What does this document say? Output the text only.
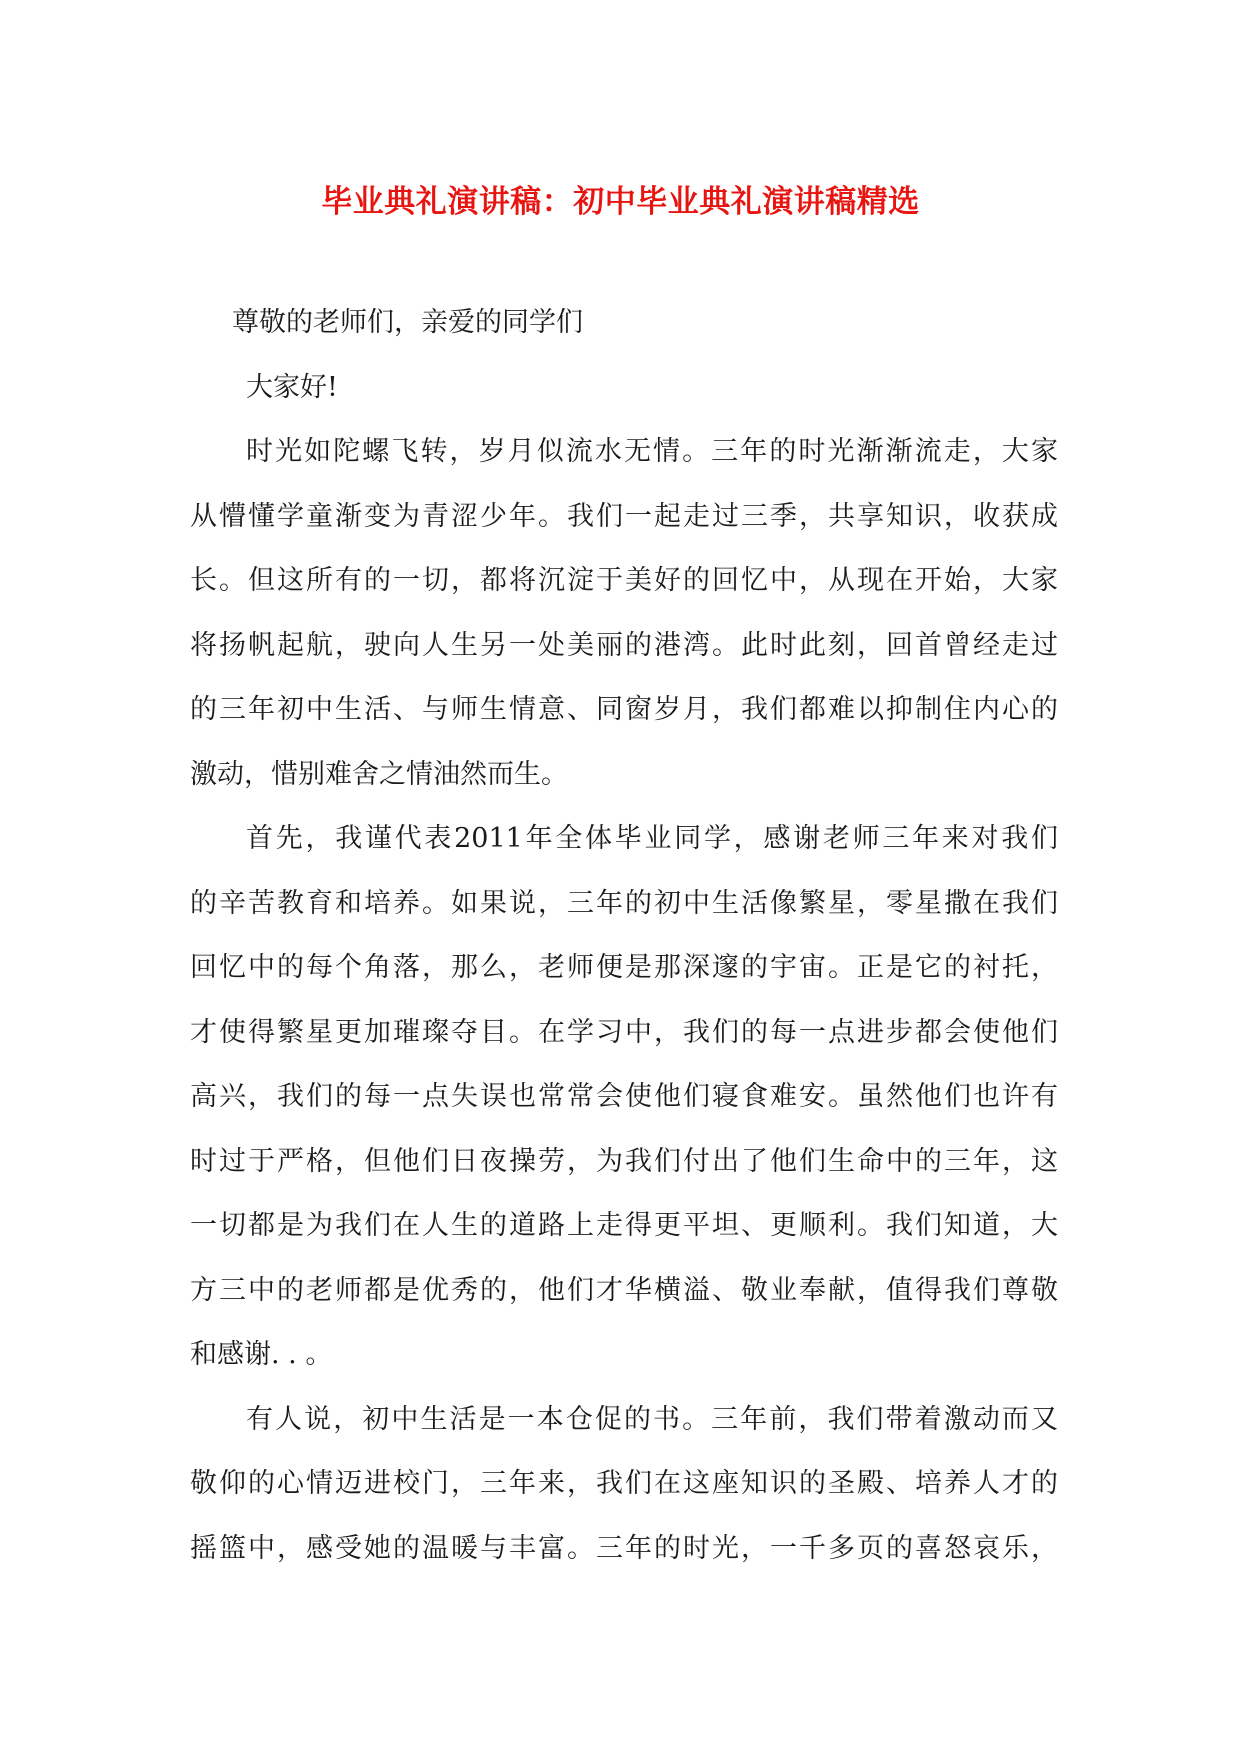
毕业典礼演讲稿：初中毕业典礼演讲稿精选
尊敬的老师们，亲爱的同学们
大家好!
时光如陀螺飞转，岁月似流水无情。三年的时光渐渐流走，大家
从懵懂学童渐变为青涩少年。我们一起走过三季，共享知识，收获成
长。但这所有的一切，都将沉淀于美好的回忆中，从现在开始，大家
将扬帆起航，驶向人生另一处美丽的港湾。此时此刻，回首曾经走过
的三年初中生活、与师生情意、同窗岁月，我们都难以抑制住内心的
激动，惜别难舍之情油然而生。
首先，我谨代表2011年全体毕业同学，感谢老师三年来对我们
的辛苦教育和培养。如果说，三年的初中生活像繁星，零星撒在我们
回忆中的每个角落，那么，老师便是那深邃的宇宙。正是它的衬托，
才使得繁星更加璀璨夺目。在学习中，我们的每一点进步都会使他们
高兴，我们的每一点失误也常常会使他们寝食难安。虽然他们也许有
时过于严格，但他们日夜操劳，为我们付出了他们生命中的三年，这
一切都是为我们在人生的道路上走得更平坦、更顺利。我们知道，大
方三中的老师都是优秀的，他们才华横溢、敬业奉献，值得我们尊敬
和感谢. . 。
有人说，初中生活是一本仓促的书。三年前，我们带着激动而又
敬仰的心情迈进校门，三年来，我们在这座知识的圣殿、培养人才的
摇篮中，感受她的温暖与丰富。三年的时光，一千多页的喜怒哀乐，
